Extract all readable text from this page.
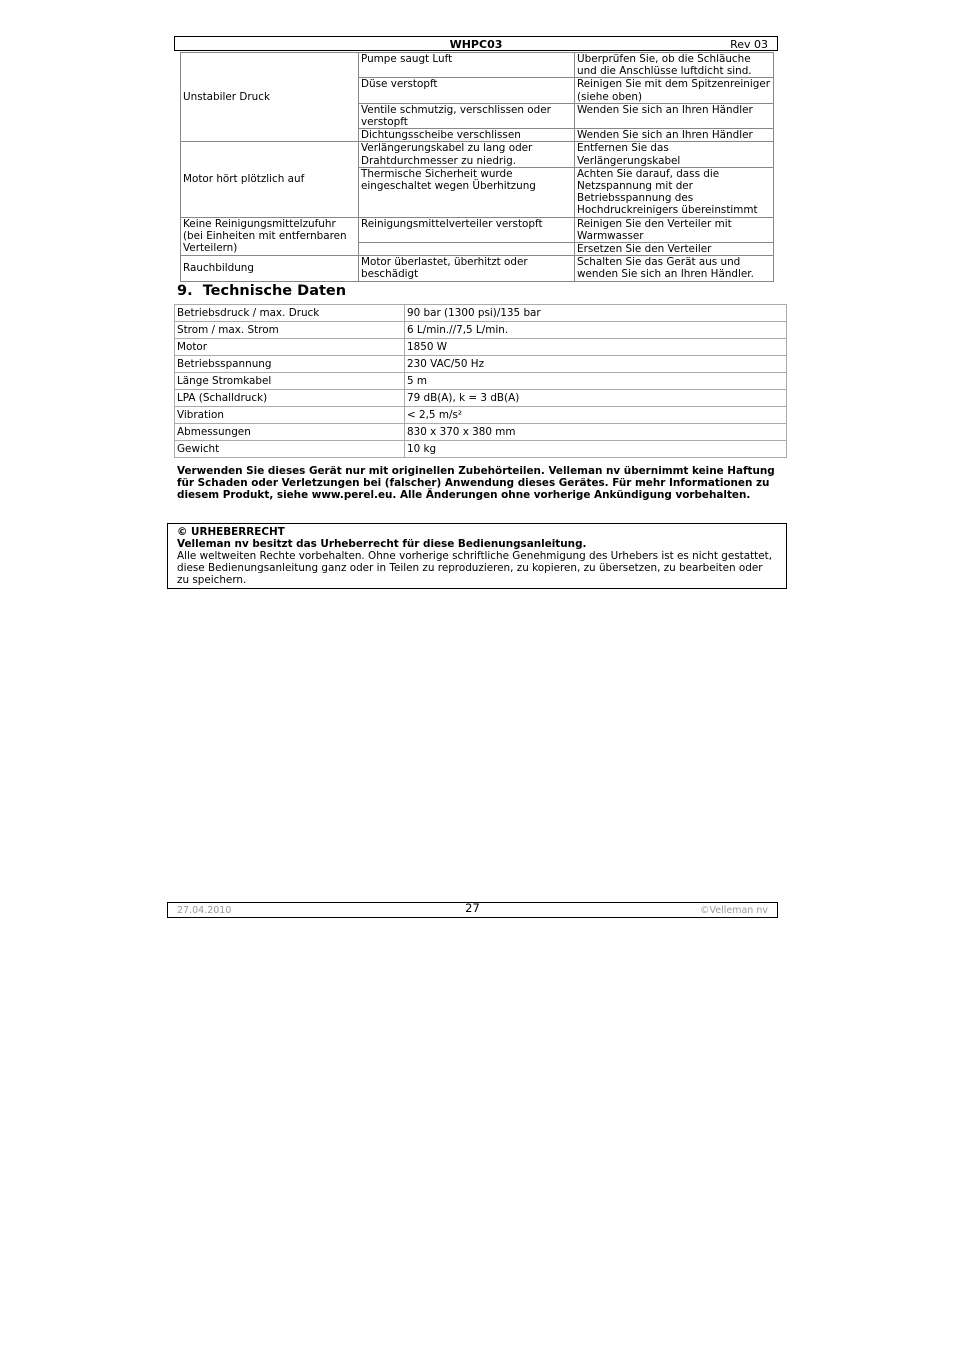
WHPC03	Rev 03
Unstabiler Druck	Pumpe saugt Luft	Überprüfen Sie, ob die Schläuche und die Anschlüsse luftdicht sind.
	Düse verstopft	Reinigen Sie mit dem Spitzenreiniger (siehe oben)
	Ventile schmutzig, verschlissen oder verstopft	Wenden Sie sich an Ihren Händler
	Dichtungsscheibe verschlissen	Wenden Sie sich an Ihren Händler
Motor hört plötzlich auf	Verlängerungskabel zu lang oder Drahtdurchmesser zu niedrig.	Entfernen Sie das Verlängerungskabel
	Thermische Sicherheit wurde eingeschaltet wegen Überhitzung	Achten Sie darauf, dass die Netzspannung mit der Betriebsspannung des Hochdruckreinigers übereinstimmt
Keine Reinigungsmittelzufuhr (bei Einheiten mit entfernbaren Verteilern)	Reinigungsmittelverteiler verstopft	Reinigen Sie den Verteiler mit Warmwasser
		Ersetzen Sie den Verteiler
Rauchbildung	Motor überlastet, überhitzt oder beschädigt	Schalten Sie das Gerät aus und wenden Sie sich an Ihren Händler.
9. Technische Daten
Betriebsdruck / max. Druck	90 bar (1300 psi)/135 bar
Strom / max. Strom	6 L/min.//7,5 L/min.
Motor	1850 W
Betriebsspannung	230 VAC/50 Hz
Länge Stromkabel	5 m
LPA (Schalldruck)	79 dB(A), k = 3 dB(A)
Vibration	< 2,5 m/s²
Abmessungen	830 x 370 x 380 mm
Gewicht	10 kg
Verwenden Sie dieses Gerät nur mit originellen Zubehörteilen. Velleman nv übernimmt keine Haftung für Schaden oder Verletzungen bei (falscher) Anwendung dieses Gerätes. Für mehr Informationen zu diesem Produkt, siehe www.perel.eu. Alle Änderungen ohne vorherige Ankündigung vorbehalten.
© URHEBERRECHT
Velleman nv besitzt das Urheberrecht für diese Bedienungsanleitung.
Alle weltweiten Rechte vorbehalten. Ohne vorherige schriftliche Genehmigung des Urhebers ist es nicht gestattet, diese Bedienungsanleitung ganz oder in Teilen zu reproduzieren, zu kopieren, zu übersetzen, zu bearbeiten oder zu speichern.
27.04.2010	27	©Velleman nv
